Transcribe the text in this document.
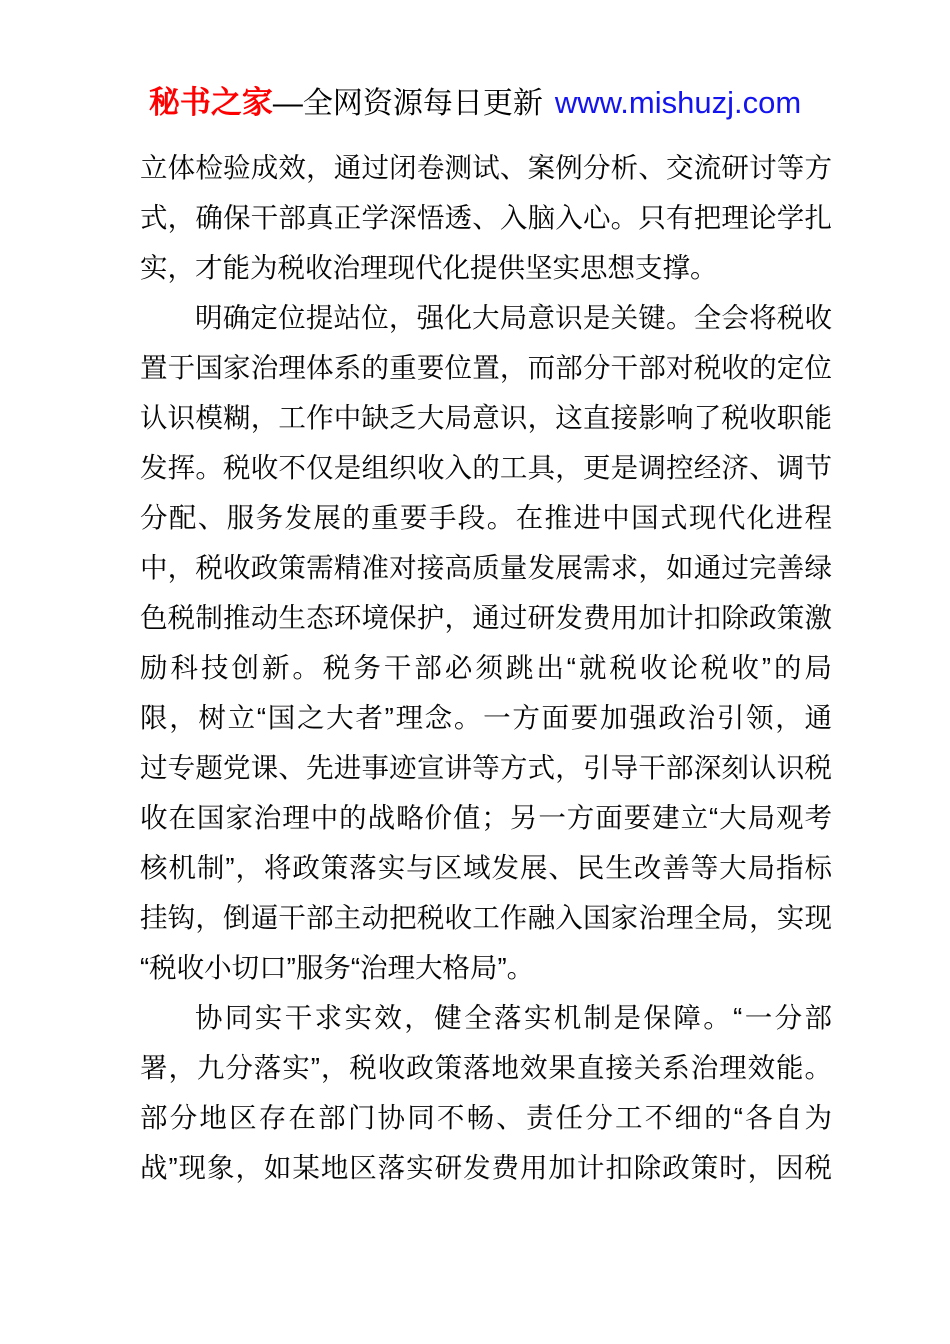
秘书之家—全网资源每日更新 www.mishuzj.com
立体检验成效，通过闭卷测试、案例分析、交流研讨等方
式，确保干部真正学深悟透、入脑入心。只有把理论学扎
实，才能为税收治理现代化提供坚实思想支撑。
明确定位提站位，强化大局意识是关键。全会将税收
置于国家治理体系的重要位置，而部分干部对税收的定位
认识模糊，工作中缺乏大局意识，这直接影响了税收职能
发挥。税收不仅是组织收入的工具，更是调控经济、调节
分配、服务发展的重要手段。在推进中国式现代化进程
中，税收政策需精准对接高质量发展需求，如通过完善绿
色税制推动生态环境保护，通过研发费用加计扣除政策激
励科技创新。税务干部必须跳出“就税收论税收”的局
限，树立“国之大者”理念。一方面要加强政治引领，通
过专题党课、先进事迹宣讲等方式，引导干部深刻认识税
收在国家治理中的战略价值；另一方面要建立“大局观考
核机制”，将政策落实与区域发展、民生改善等大局指标
挂钩，倒逼干部主动把税收工作融入国家治理全局，实现
“税收小切口”服务“治理大格局”。
协同实干求实效，健全落实机制是保障。“一分部
署，九分落实”，税收政策落地效果直接关系治理效能。
部分地区存在部门协同不畅、责任分工不细的“各自为
战”现象，如某地区落实研发费用加计扣除政策时，因税
